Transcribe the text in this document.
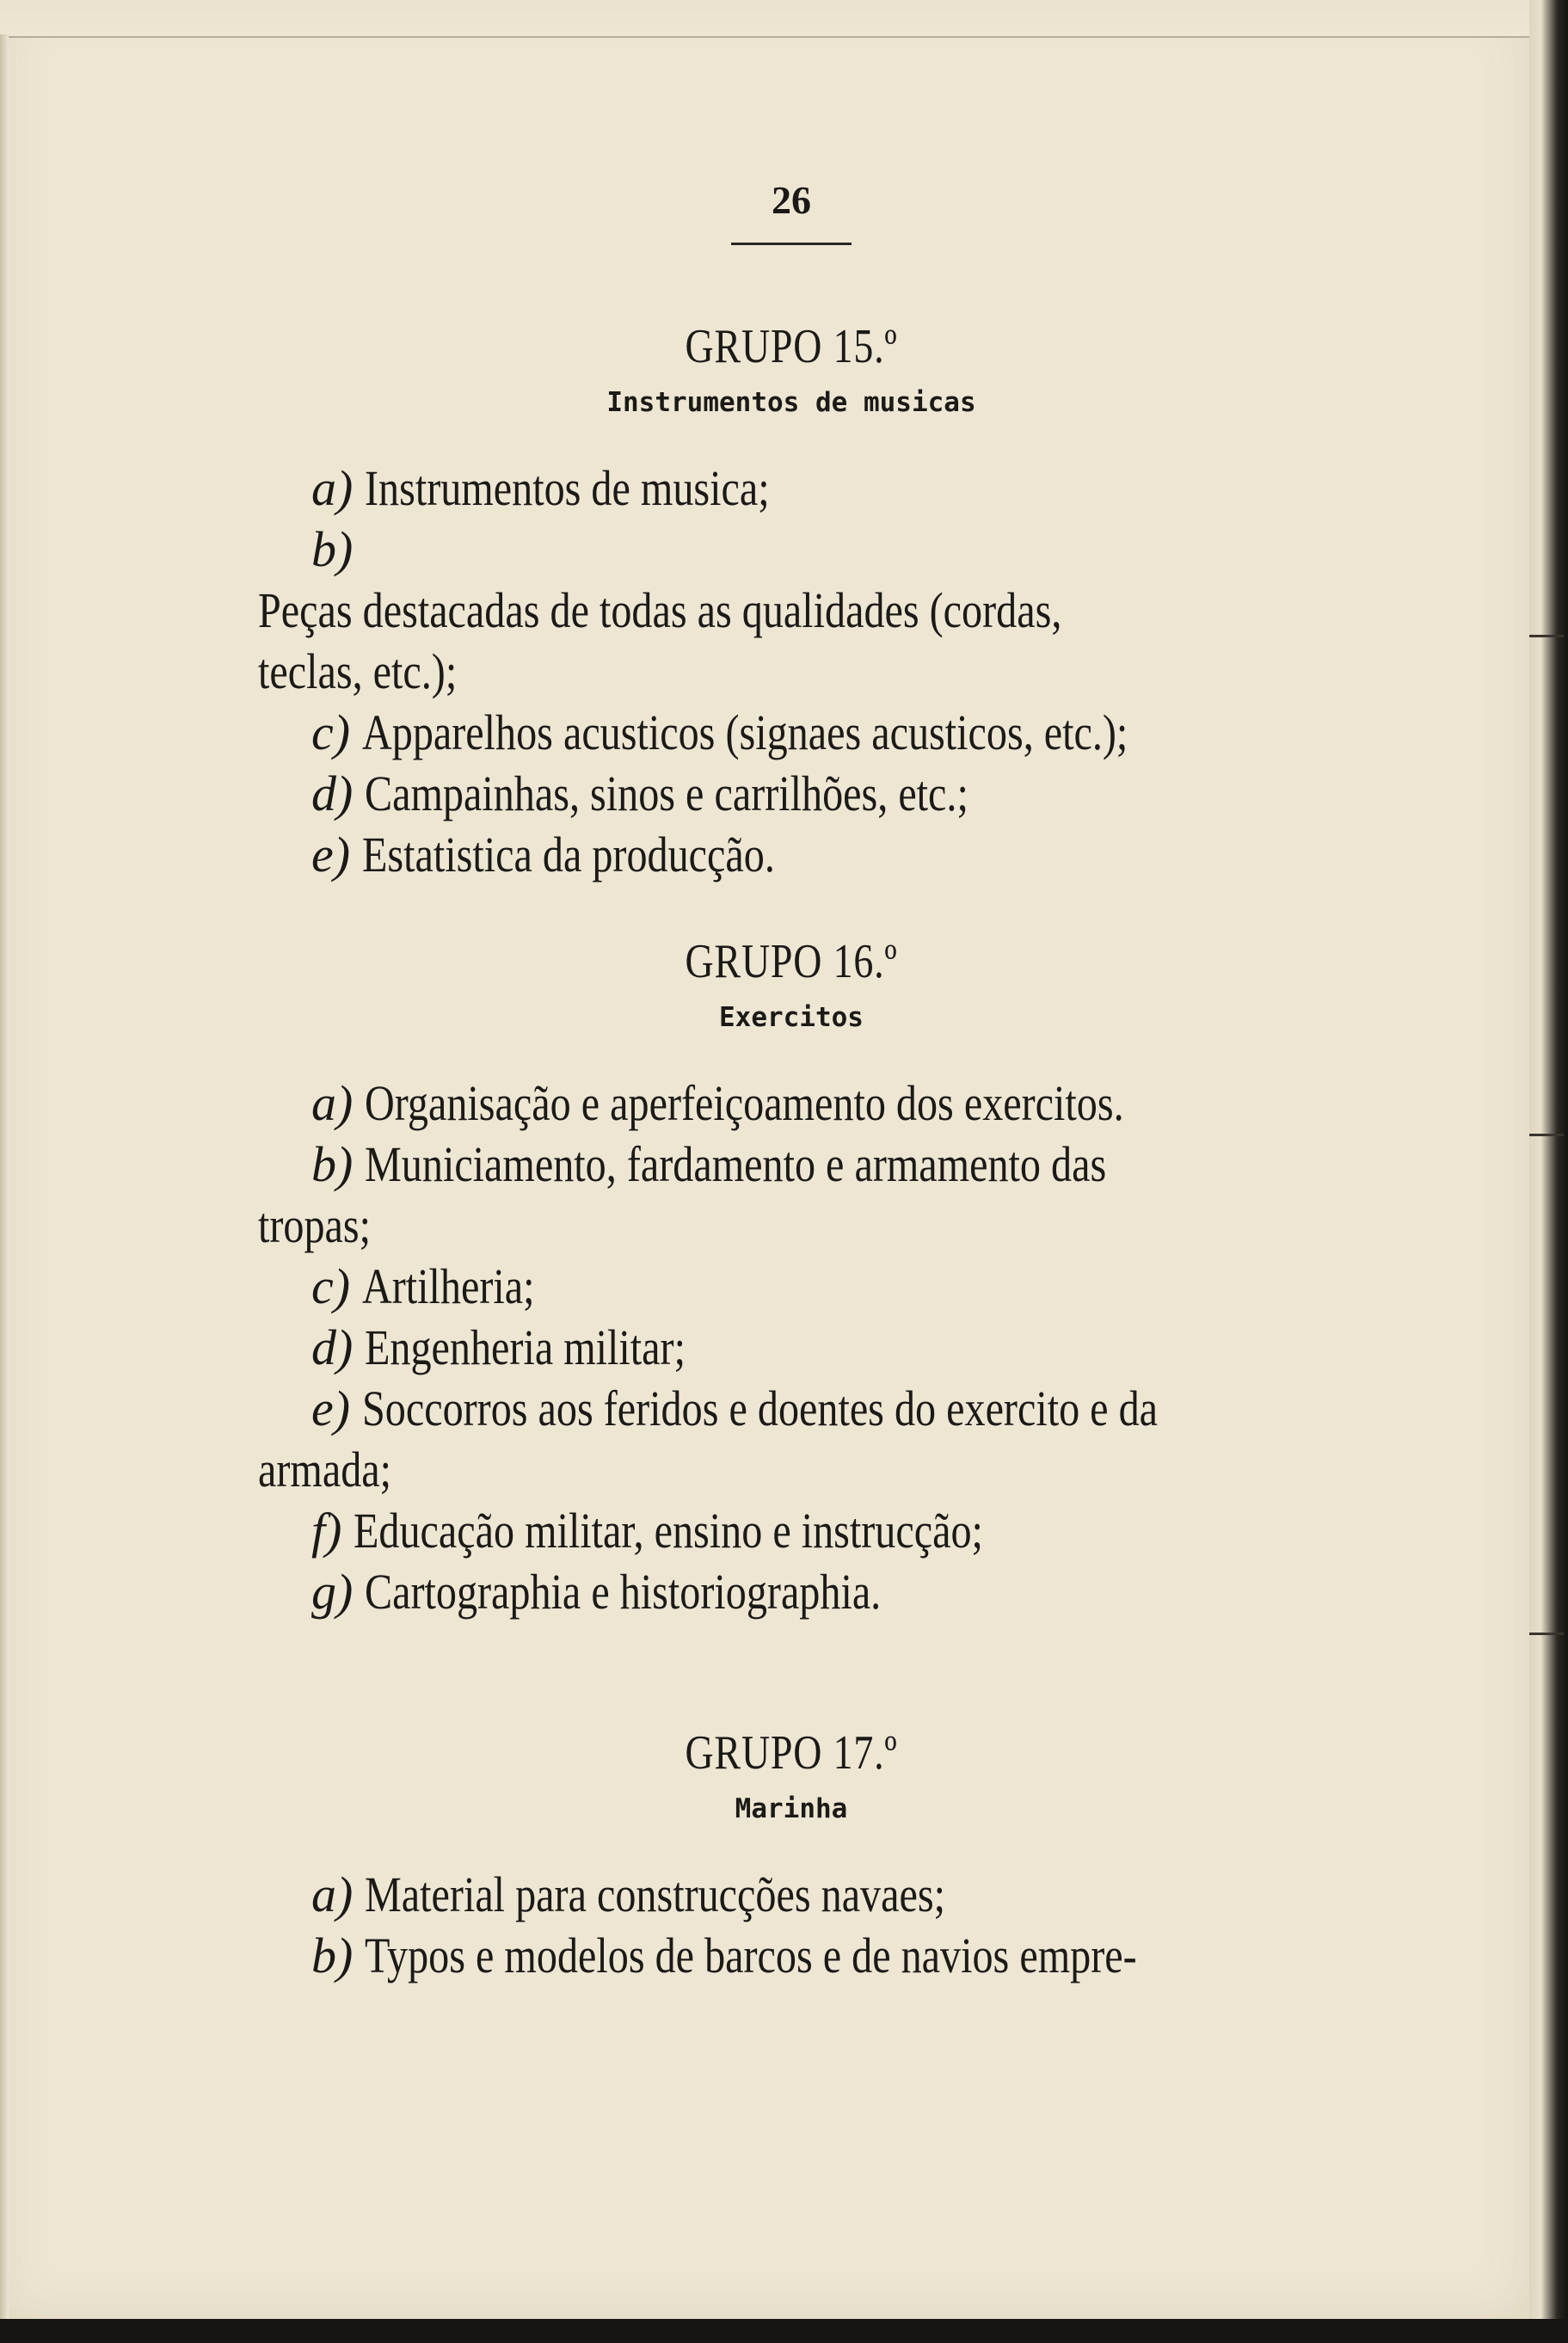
26
GRUPO 15.º
Instrumentos de musicas
a) Instrumentos de musica;
b)Peças destacadas de todas as qualidades (cordas,
teclas, etc.);
c) Apparelhos acusticos (signaes acusticos, etc.);
d) Campainhas, sinos e carrilhões, etc.;
e) Estatistica da producção.
GRUPO 16.º
Exercitos
a) Organisação e aperfeiçoamento dos exercitos.
b) Municiamento, fardamento e armamento das
tropas;
c) Artilheria;
d) Engenheria militar;
e) Soccorros aos feridos e doentes do exercito e da
armada;
f) Educação militar, ensino e instrucção;
g) Cartographia e historiographia.
GRUPO 17.º
Marinha
a) Material para construcções navaes;
b) Typos e modelos de barcos e de navios empre-
